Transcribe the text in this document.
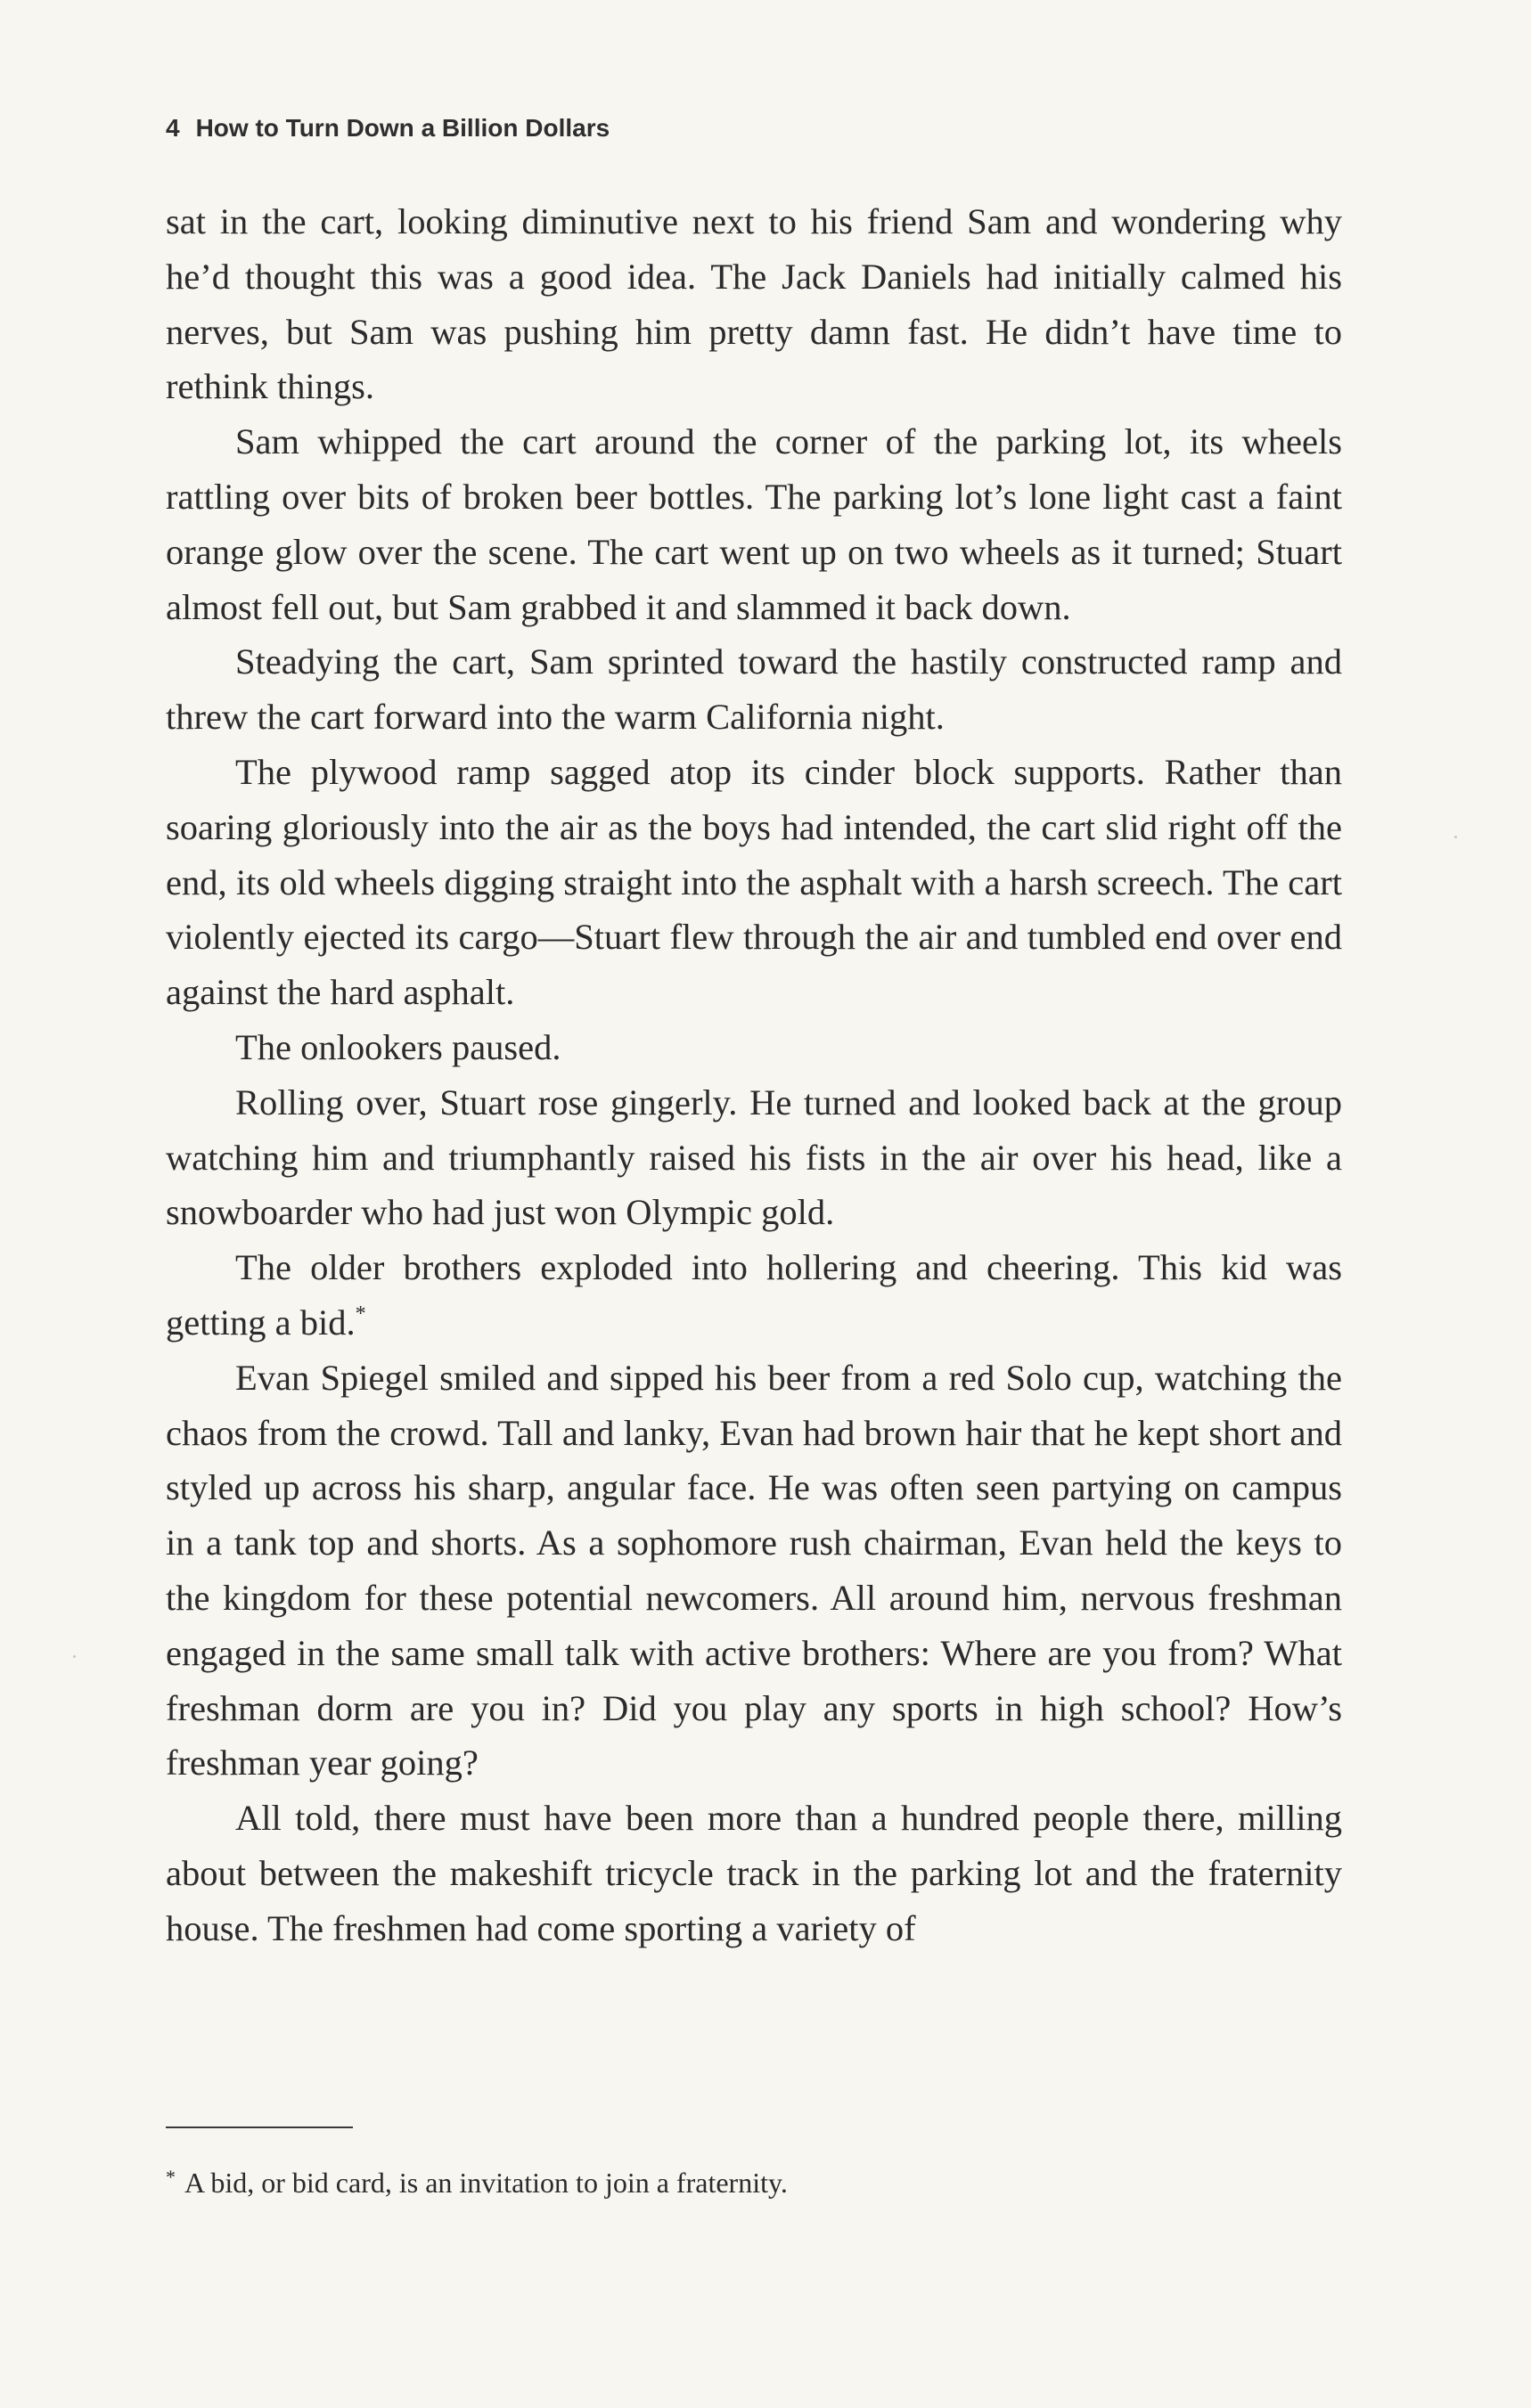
4 How to Turn Down a Billion Dollars

sat in the cart, looking diminutive next to his friend Sam and wondering why he’d thought this was a good idea. The Jack Daniels had initially calmed his nerves, but Sam was pushing him pretty damn fast. He didn’t have time to rethink things.

Sam whipped the cart around the corner of the parking lot, its wheels rattling over bits of broken beer bottles. The parking lot’s lone light cast a faint orange glow over the scene. The cart went up on two wheels as it turned; Stuart almost fell out, but Sam grabbed it and slammed it back down.

Steadying the cart, Sam sprinted toward the hastily constructed ramp and threw the cart forward into the warm California night.

The plywood ramp sagged atop its cinder block supports. Rather than soaring gloriously into the air as the boys had intended, the cart slid right off the end, its old wheels digging straight into the asphalt with a harsh screech. The cart violently ejected its cargo—Stuart flew through the air and tumbled end over end against the hard asphalt.

The onlookers paused.

Rolling over, Stuart rose gingerly. He turned and looked back at the group watching him and triumphantly raised his fists in the air over his head, like a snowboarder who had just won Olympic gold.

The older brothers exploded into hollering and cheering. This kid was getting a bid.*

Evan Spiegel smiled and sipped his beer from a red Solo cup, watching the chaos from the crowd. Tall and lanky, Evan had brown hair that he kept short and styled up across his sharp, angular face. He was often seen partying on campus in a tank top and shorts. As a sophomore rush chairman, Evan held the keys to the kingdom for these potential newcomers. All around him, nervous freshman engaged in the same small talk with active brothers: Where are you from? What freshman dorm are you in? Did you play any sports in high school? How’s freshman year going?

All told, there must have been more than a hundred people there, milling about between the makeshift tricycle track in the parking lot and the fraternity house. The freshmen had come sporting a variety of

* A bid, or bid card, is an invitation to join a fraternity.
